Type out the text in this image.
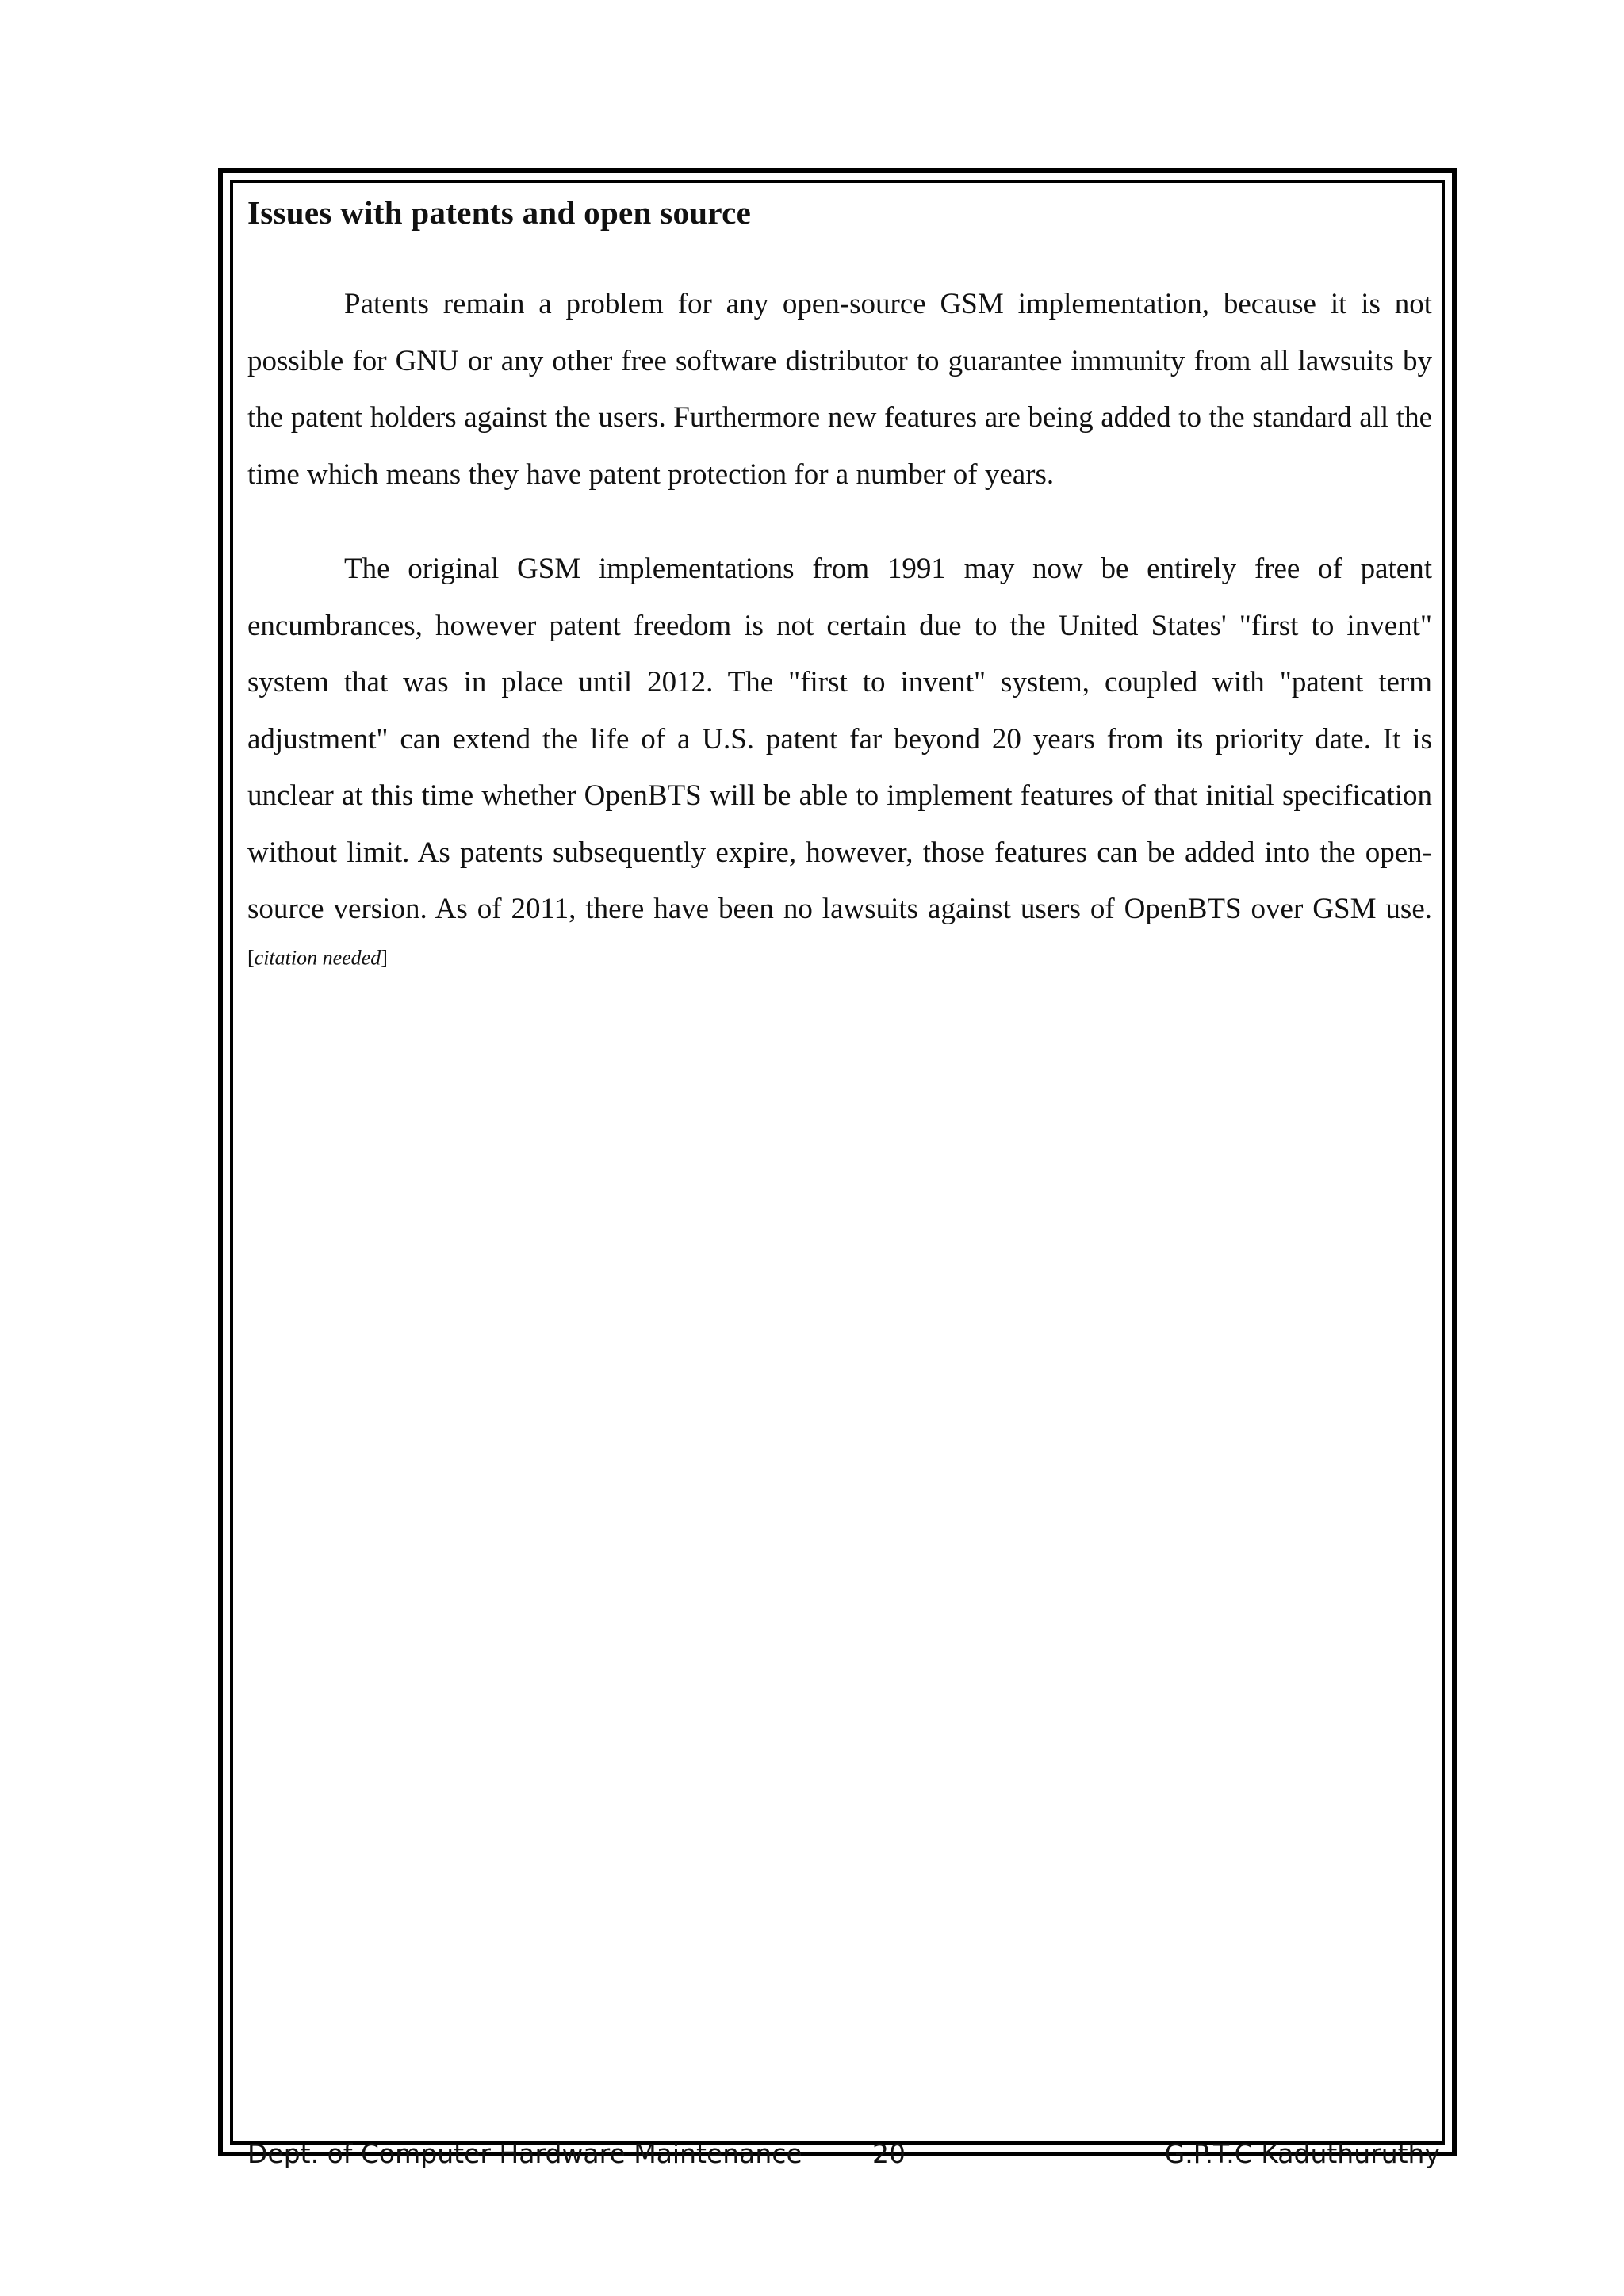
Issues with patents and open source

Patents remain a problem for any open-source GSM implementation, because it is not possible for GNU or any other free software distributor to guarantee immunity from all lawsuits by the patent holders against the users. Furthermore new features are being added to the standard all the time which means they have patent protection for a number of years.

The original GSM implementations from 1991 may now be entirely free of patent encumbrances, however patent freedom is not certain due to the United States' "first to invent" system that was in place until 2012. The "first to invent" system, coupled with "patent term adjustment" can extend the life of a U.S. patent far beyond 20 years from its priority date. It is unclear at this time whether OpenBTS will be able to implement features of that initial specification without limit. As patents subsequently expire, however, those features can be added into the open-source version. As of 2011, there have been no lawsuits against users of OpenBTS over GSM use.[citation needed]

Dept. of Computer Hardware Maintenance	20	G.P.T.C Kaduthuruthy
